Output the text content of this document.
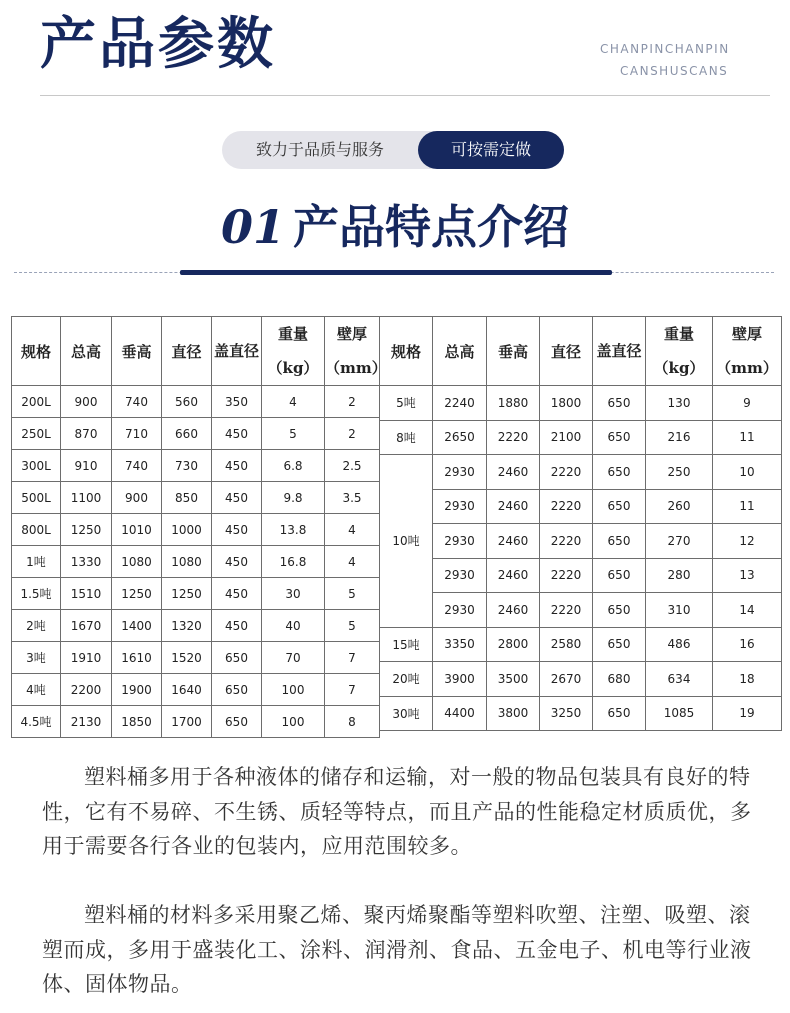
产品参数	CHANPINCHANPIN
CANSHUSCANS
致力于品质与服务	可按需定做
01 产品特点介绍
规格	总高	垂高	直径	盖直径	重量（kg）	壁厚（mm）

200L	900	740	560	350	4	2
250L	870	710	660	450	5	2
300L	910	740	730	450	6.8	2.5
500L	1100	900	850	450	9.8	3.5
800L	1250	1010	1000	450	13.8	4
1吨	1330	1080	1080	450	16.8	4
1.5吨	1510	1250	1250	450	30	5
2吨	1670	1400	1320	450	40	5
3吨	1910	1610	1520	650	70	7
4吨	2200	1900	1640	650	100	7
4.5吨	2130	1850	1700	650	100	8
规格	总高	垂高	直径	盖直径	重量（kg）	壁厚（mm）

5吨	2240	1880	1800	650	130	9
8吨	2650	2220	2100	650	216	11
10吨	2930	2460	2220	650	250	10
	2930	2460	2220	650	260	11
	2930	2460	2220	650	270	12
	2930	2460	2220	650	280	13
	2930	2460	2220	650	310	14
15吨	3350	2800	2580	650	486	16
20吨	3900	3500	2670	680	634	18
30吨	4400	3800	3250	650	1085	19

塑料桶多用于各种液体的储存和运输，对一般的物品包装具有良好的特性，它有不易碎、不生锈、质轻等特点，而且产品的性能稳定材质质优，多用于需要各行各业的包装内，应用范围较多。

塑料桶的材料多采用聚乙烯、聚丙烯聚酯等塑料吹塑、注塑、吸塑、滚塑而成，多用于盛装化工、涂料、润滑剂、食品、五金电子、机电等行业液体、固体物品。
